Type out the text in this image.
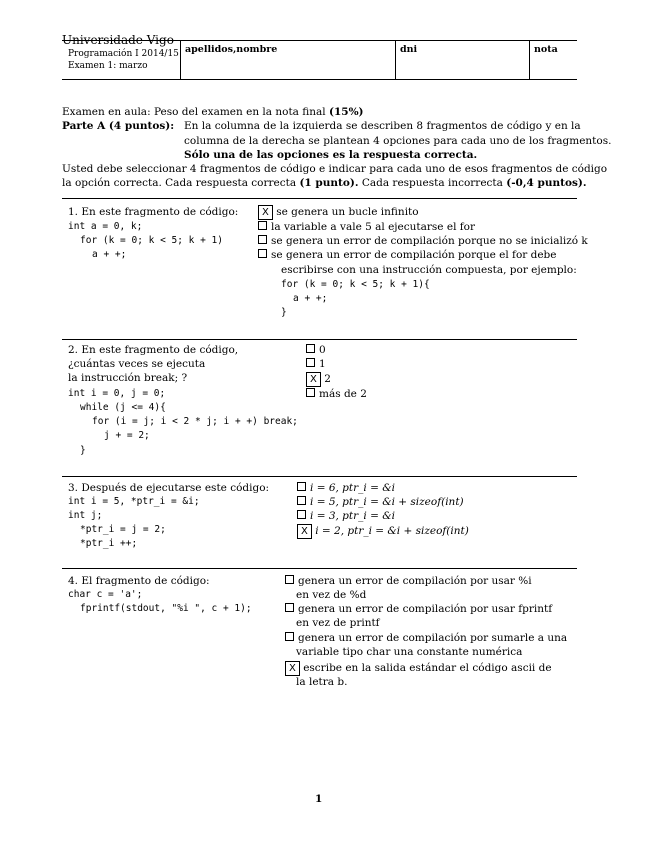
Universidade Vigo
Programación I 2014/15
Examen 1: marzo
apellidos,nombre	dni	nota
Examen en aula: Peso del examen en la nota final (15%)
Parte A (4 puntos): En la columna de la izquierda se describen 8 fragmentos de código y en la
columna de la derecha se plantean 4 opciones para cada uno de los fragmentos.
Sólo una de las opciones es la respuesta correcta.
Usted debe seleccionar 4 fragmentos de código e indicar para cada uno de esos fragmentos de código
la opción correcta. Cada respuesta correcta (1 punto). Cada respuesta incorrecta (-0,4 puntos).
1. En este fragmento de código:
int a = 0, k;
for (k = 0; k < 5; k + 1)
a + +;
X se genera un bucle infinito
la variable a vale 5 al ejecutarse el for
se genera un error de compilación porque no se inicializó k
se genera un error de compilación porque el for debe
escribirse con una instrucción compuesta, por ejemplo:
for (k = 0; k < 5; k + 1){
a + +;
}
2. En este fragmento de código,
¿cuántas veces se ejecuta
la instrucción break; ?
int i = 0, j = 0;
while (j <= 4){
for (i = j; i < 2 * j; i + +) break;
j + = 2;
}
0
1
X 2
más de 2
3. Después de ejecutarse este código:
int i = 5, *ptr_i = &i;
int j;
*ptr_i = j = 2;
*ptr_i ++;
i = 6, ptr_i = &i
i = 5, ptr_i = &i + sizeof(int)
i = 3, ptr_i = &i
X i = 2, ptr_i = &i + sizeof(int)
4. El fragmento de código:
char c = 'a';
fprintf(stdout, "%i ", c + 1);
genera un error de compilación por usar %i
en vez de %d
genera un error de compilación por usar fprintf
en vez de printf
genera un error de compilación por sumarle a una
variable tipo char una constante numérica
X escribe en la salida estándar el código ascii de
la letra b.
1
